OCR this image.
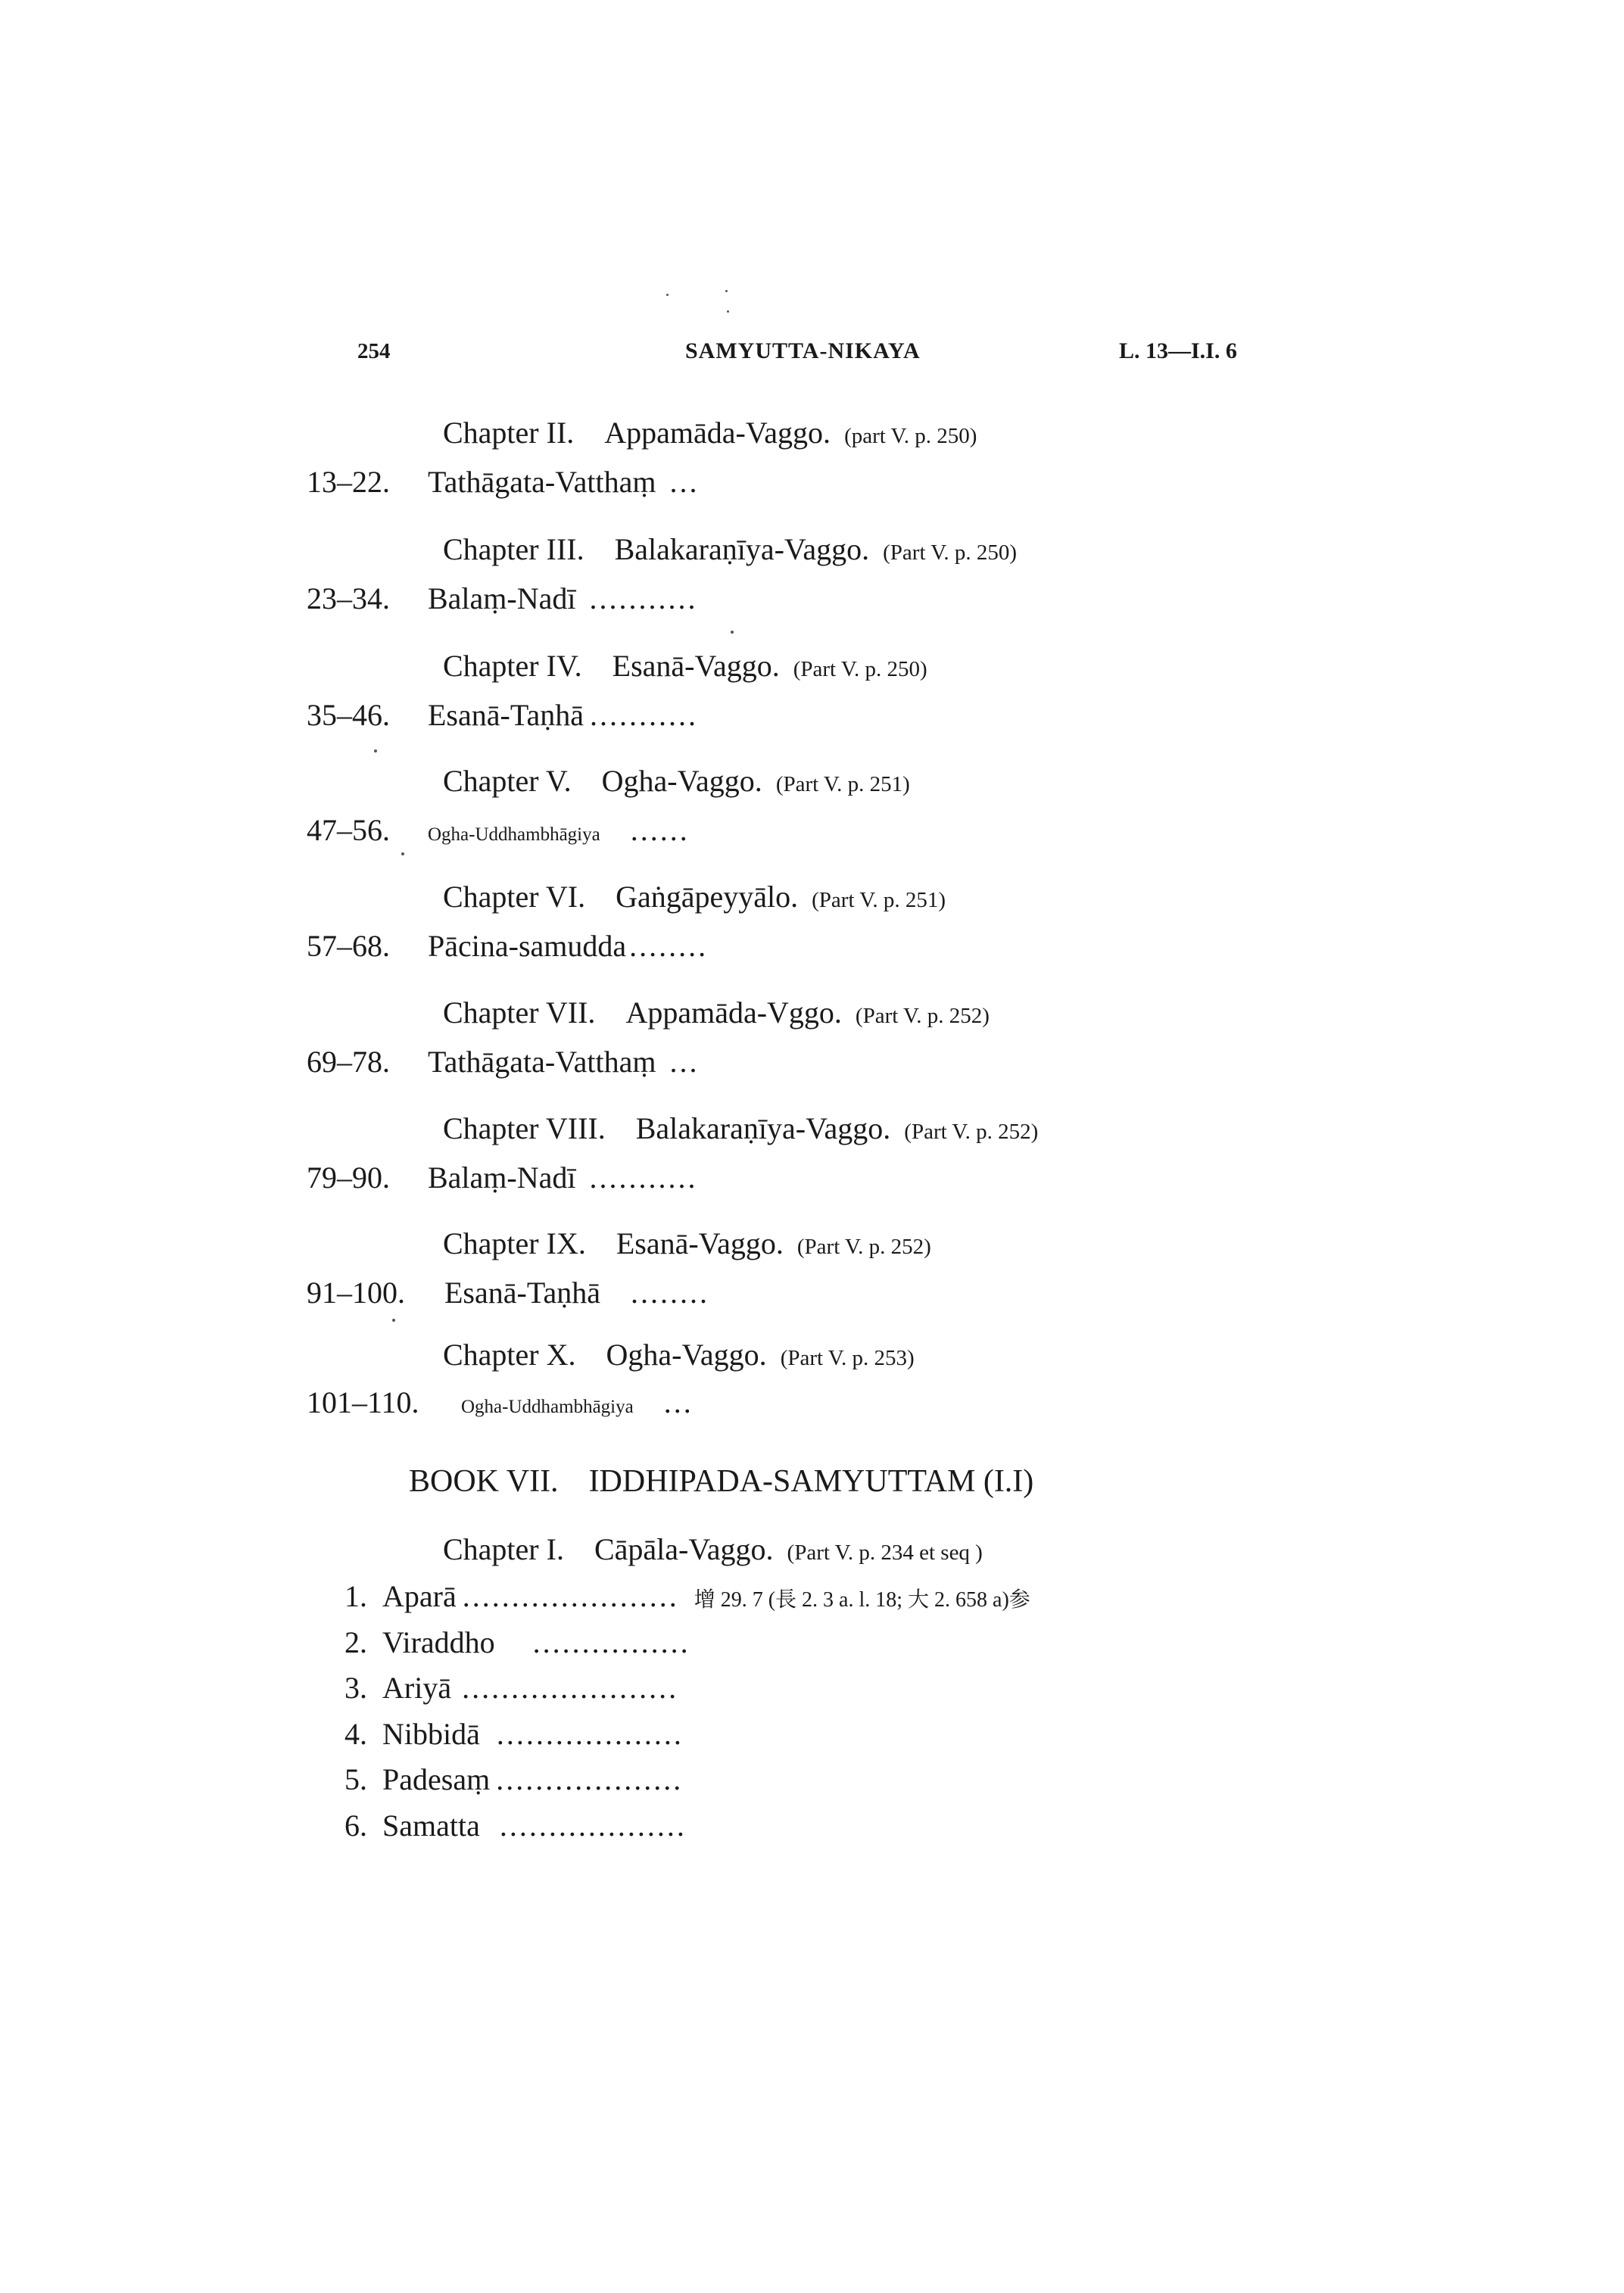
254	SAMYUTTA-NIKAYA	L. 13—I.I. 6
Chapter II. Appamāda-Vaggo. (part V. p. 250)
13–22. Tathāgata-Vatthaṃ ...
Chapter III. Balakaraṇīya-Vaggo. (Part V. p. 250)
23–34. Balaṃ-Nadī ...........
Chapter IV. Esanā-Vaggo. (Part V. p. 250)
35–46. Esanā-Taṇhā ...........
Chapter V. Ogha-Vaggo. (Part V. p. 251)
47–56. Ogha-Uddhambhāgiya ......
Chapter VI. Gaṅgāpeyyālo. (Part V. p. 251)
57–68. Pācina-samudda ........
Chapter VII. Appamāda-Vggo. (Part V. p. 252)
69–78. Tathāgata-Vatthaṃ ...
Chapter VIII. Balakaraṇīya-Vaggo. (Part V. p. 252)
79–90. Balaṃ-Nadī ...........
Chapter IX. Esanā-Vaggo. (Part V. p. 252)
91–100. Esanā-Taṇhā ........
Chapter X. Ogha-Vaggo. (Part V. p. 253)
101–110. Ogha-Uddhambhāgiya ...
BOOK VII. IDDHIPADA-SAMYUTTAM (I.I)
Chapter I. Cāpāla-Vaggo. (Part V. p. 234 et seq )
1. Aparā ...................... 增 29. 7 (長 2. 3 a. l. 18; 大 2. 658 a)参
2. Viraddho ................
3. Ariyā ......................
4. Nibbidā ...................
5. Padesaṃ ...................
6. Samatta ...................
